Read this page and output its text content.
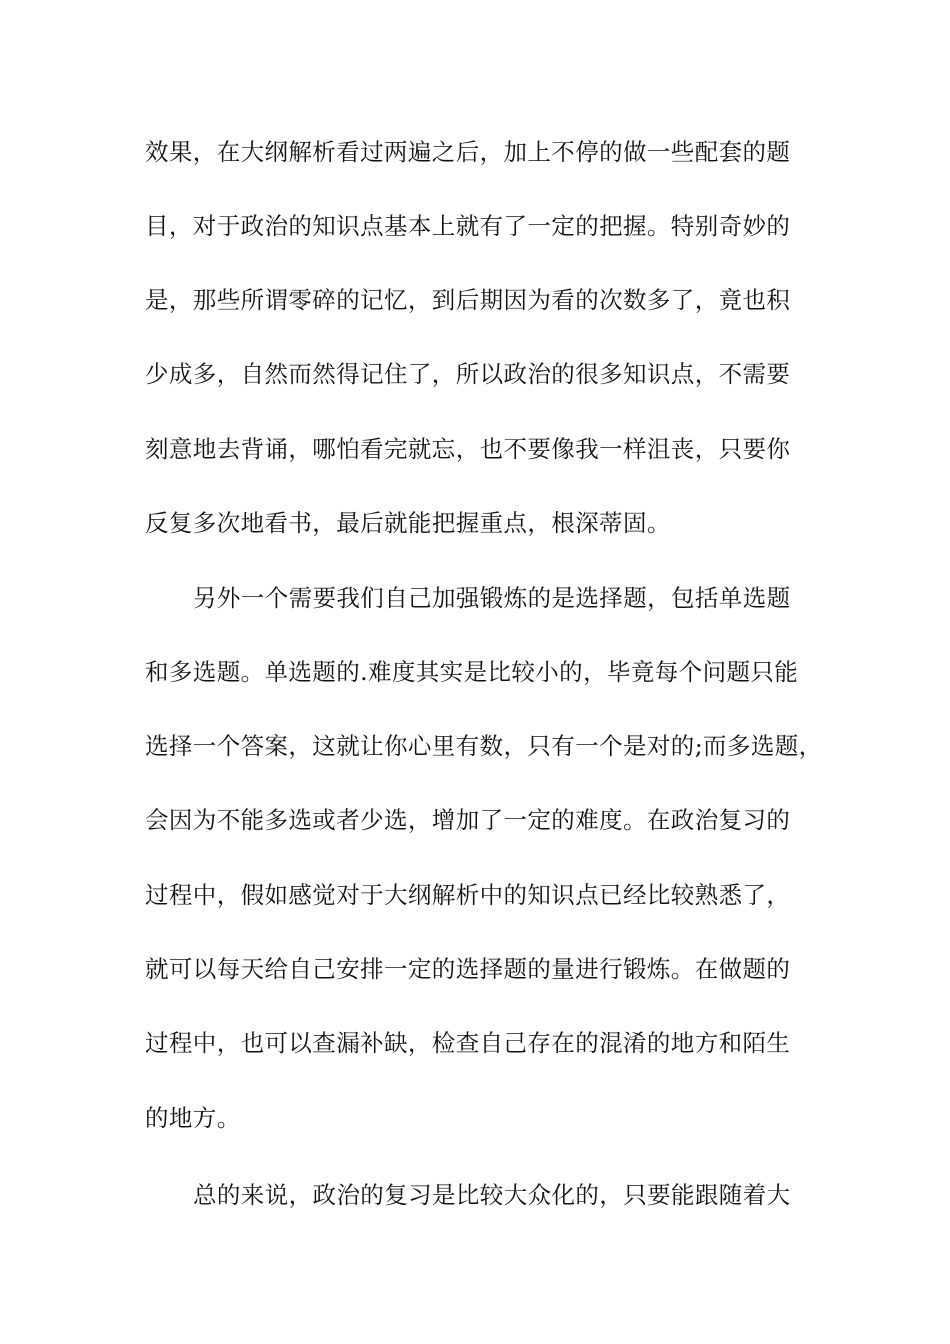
效果，在大纲解析看过两遍之后，加上不停的做一些配套的题
目，对于政治的知识点基本上就有了一定的把握。特别奇妙的
是，那些所谓零碎的记忆，到后期因为看的次数多了，竟也积
少成多，自然而然得记住了，所以政治的很多知识点，不需要
刻意地去背诵，哪怕看完就忘，也不要像我一样沮丧，只要你
反复多次地看书，最后就能把握重点，根深蒂固。
另外一个需要我们自己加强锻炼的是选择题，包括单选题
和多选题。单选题的.难度其实是比较小的，毕竟每个问题只能
选择一个答案，这就让你心里有数，只有一个是对的;而多选题，
会因为不能多选或者少选，增加了一定的难度。在政治复习的
过程中，假如感觉对于大纲解析中的知识点已经比较熟悉了，
就可以每天给自己安排一定的选择题的量进行锻炼。在做题的
过程中，也可以查漏补缺，检查自己存在的混淆的地方和陌生
的地方。
总的来说，政治的复习是比较大众化的，只要能跟随着大
